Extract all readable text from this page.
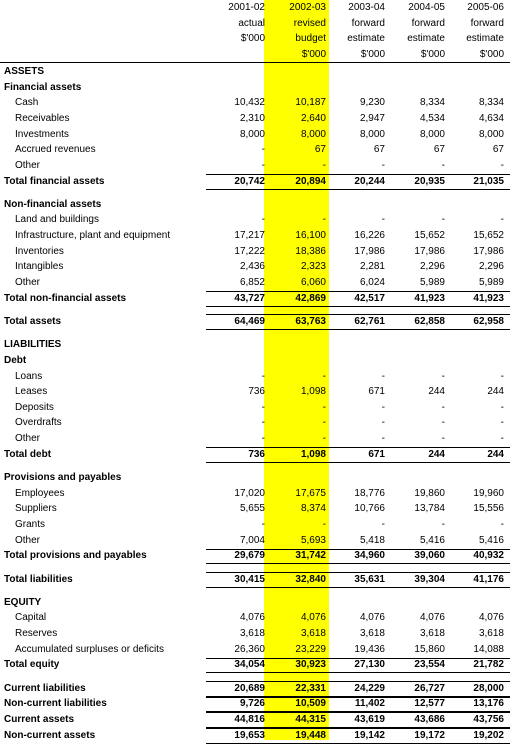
2001-02
actual
$'000
2002-03
revised
budget
$'000
2003-04
forward
estimate
$'000
2004-05
forward
estimate
$'000
2005-06
forward
estimate
$'000
ASSETS
Financial assets
Cash	10,432	10,187	9,230	8,334	8,334
Receivables	2,310	2,640	2,947	4,534	4,634
Investments	8,000	8,000	8,000	8,000	8,000
Accrued revenues	-	67	67	67	67
Other	-	-	-	-	-
Total financial assets	20,742	20,894	20,244	20,935	21,035
Non-financial assets
Land and buildings	-	-	-	-	-
Infrastructure, plant and equipment	17,217	16,100	16,226	15,652	15,652
Inventories	17,222	18,386	17,986	17,986	17,986
Intangibles	2,436	2,323	2,281	2,296	2,296
Other	6,852	6,060	6,024	5,989	5,989
Total non-financial assets	43,727	42,869	42,517	41,923	41,923
Total assets	64,469	63,763	62,761	62,858	62,958
LIABILITIES
Debt
Loans	-	-	-	-	-
Leases	736	1,098	671	244	244
Deposits	-	-	-	-	-
Overdrafts	-	-	-	-	-
Other	-	-	-	-	-
Total debt	736	1,098	671	244	244
Provisions and payables
Employees	17,020	17,675	18,776	19,860	19,960
Suppliers	5,655	8,374	10,766	13,784	15,556
Grants	-	-	-	-	-
Other	7,004	5,693	5,418	5,416	5,416
Total provisions and payables	29,679	31,742	34,960	39,060	40,932
Total liabilities	30,415	32,840	35,631	39,304	41,176
EQUITY
Capital	4,076	4,076	4,076	4,076	4,076
Reserves	3,618	3,618	3,618	3,618	3,618
Accumulated surpluses or deficits	26,360	23,229	19,436	15,860	14,088
Total equity	34,054	30,923	27,130	23,554	21,782
Current liabilities	20,689	22,331	24,229	26,727	28,000
Non-current liabilities	9,726	10,509	11,402	12,577	13,176
Current assets	44,816	44,315	43,619	43,686	43,756
Non-current assets	19,653	19,448	19,142	19,172	19,202
